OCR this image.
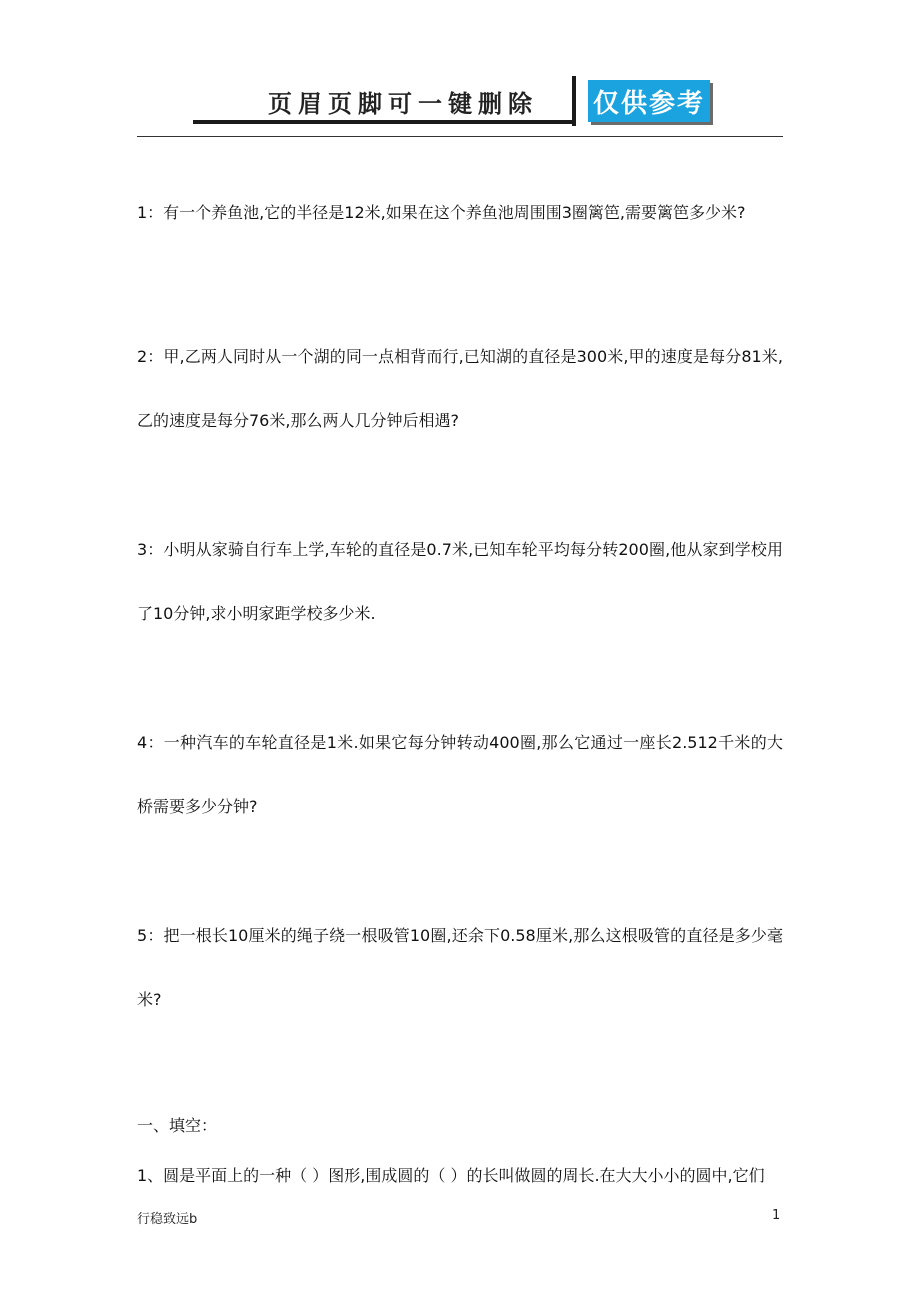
页眉页脚可一键删除 仅供参考

1：有一个养鱼池,它的半径是12米,如果在这个养鱼池周围围3圈篱笆,需要篱笆多少米?

2：甲,乙两人同时从一个湖的同一点相背而行,已知湖的直径是300米,甲的速度是每分81米,乙的速度是每分76米,那么两人几分钟后相遇?

3：小明从家骑自行车上学,车轮的直径是0.7米,已知车轮平均每分转200圈,他从家到学校用了10分钟,求小明家距学校多少米.

4：一种汽车的车轮直径是1米.如果它每分钟转动400圈,那么它通过一座长2.512千米的大桥需要多少分钟?

5：把一根长10厘米的绳子绕一根吸管10圈,还余下0.58厘米,那么这根吸管的直径是多少毫米?

一、填空：

1、圆是平面上的一种（ ）图形,围成圆的（ ）的长叫做圆的周长.在大大小小的圆中,它们

行稳致远b	1
